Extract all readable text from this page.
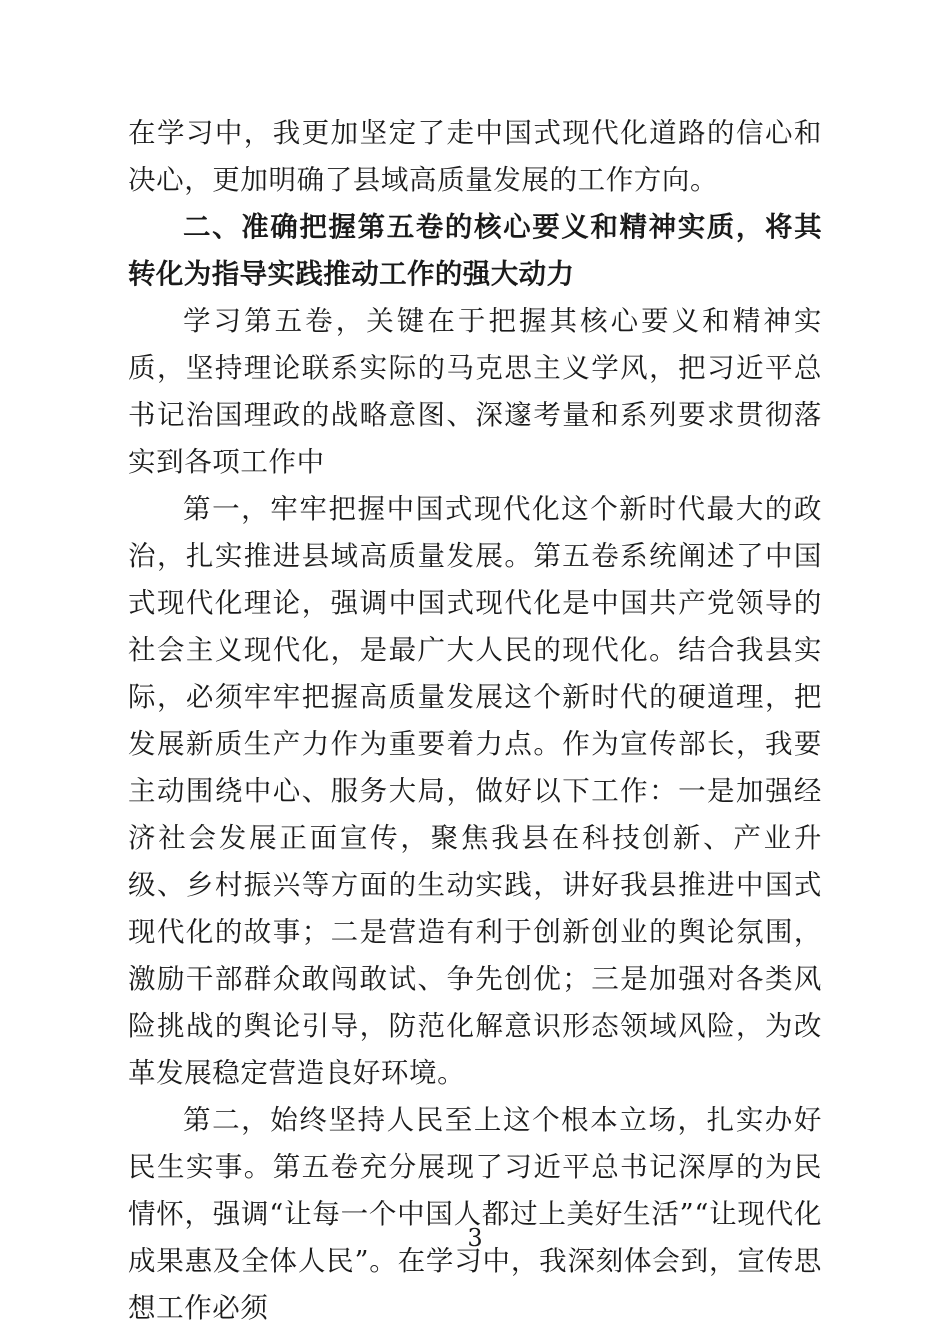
在学习中，我更加坚定了走中国式现代化道路的信心和决心，更加明确了县域高质量发展的工作方向。

二、准确把握第五卷的核心要义和精神实质，将其转化为指导实践推动工作的强大动力

学习第五卷，关键在于把握其核心要义和精神实质，坚持理论联系实际的马克思主义学风，把习近平总书记治国理政的战略意图、深邃考量和系列要求贯彻落实到各项工作中

第一，牢牢把握中国式现代化这个新时代最大的政治，扎实推进县域高质量发展。第五卷系统阐述了中国式现代化理论，强调中国式现代化是中国共产党领导的社会主义现代化，是最广大人民的现代化。结合我县实际，必须牢牢把握高质量发展这个新时代的硬道理，把发展新质生产力作为重要着力点。作为宣传部长，我要主动围绕中心、服务大局，做好以下工作：一是加强经济社会发展正面宣传，聚焦我县在科技创新、产业升级、乡村振兴等方面的生动实践，讲好我县推进中国式现代化的故事；二是营造有利于创新创业的舆论氛围，激励干部群众敢闯敢试、争先创优；三是加强对各类风险挑战的舆论引导，防范化解意识形态领域风险，为改革发展稳定营造良好环境。

第二，始终坚持人民至上这个根本立场，扎实办好民生实事。第五卷充分展现了习近平总书记深厚的为民情怀，强调“让每一个中国人都过上美好生活”“让现代化成果惠及全体人民”。在学习中，我深刻体会到，宣传思想工作必须

3
